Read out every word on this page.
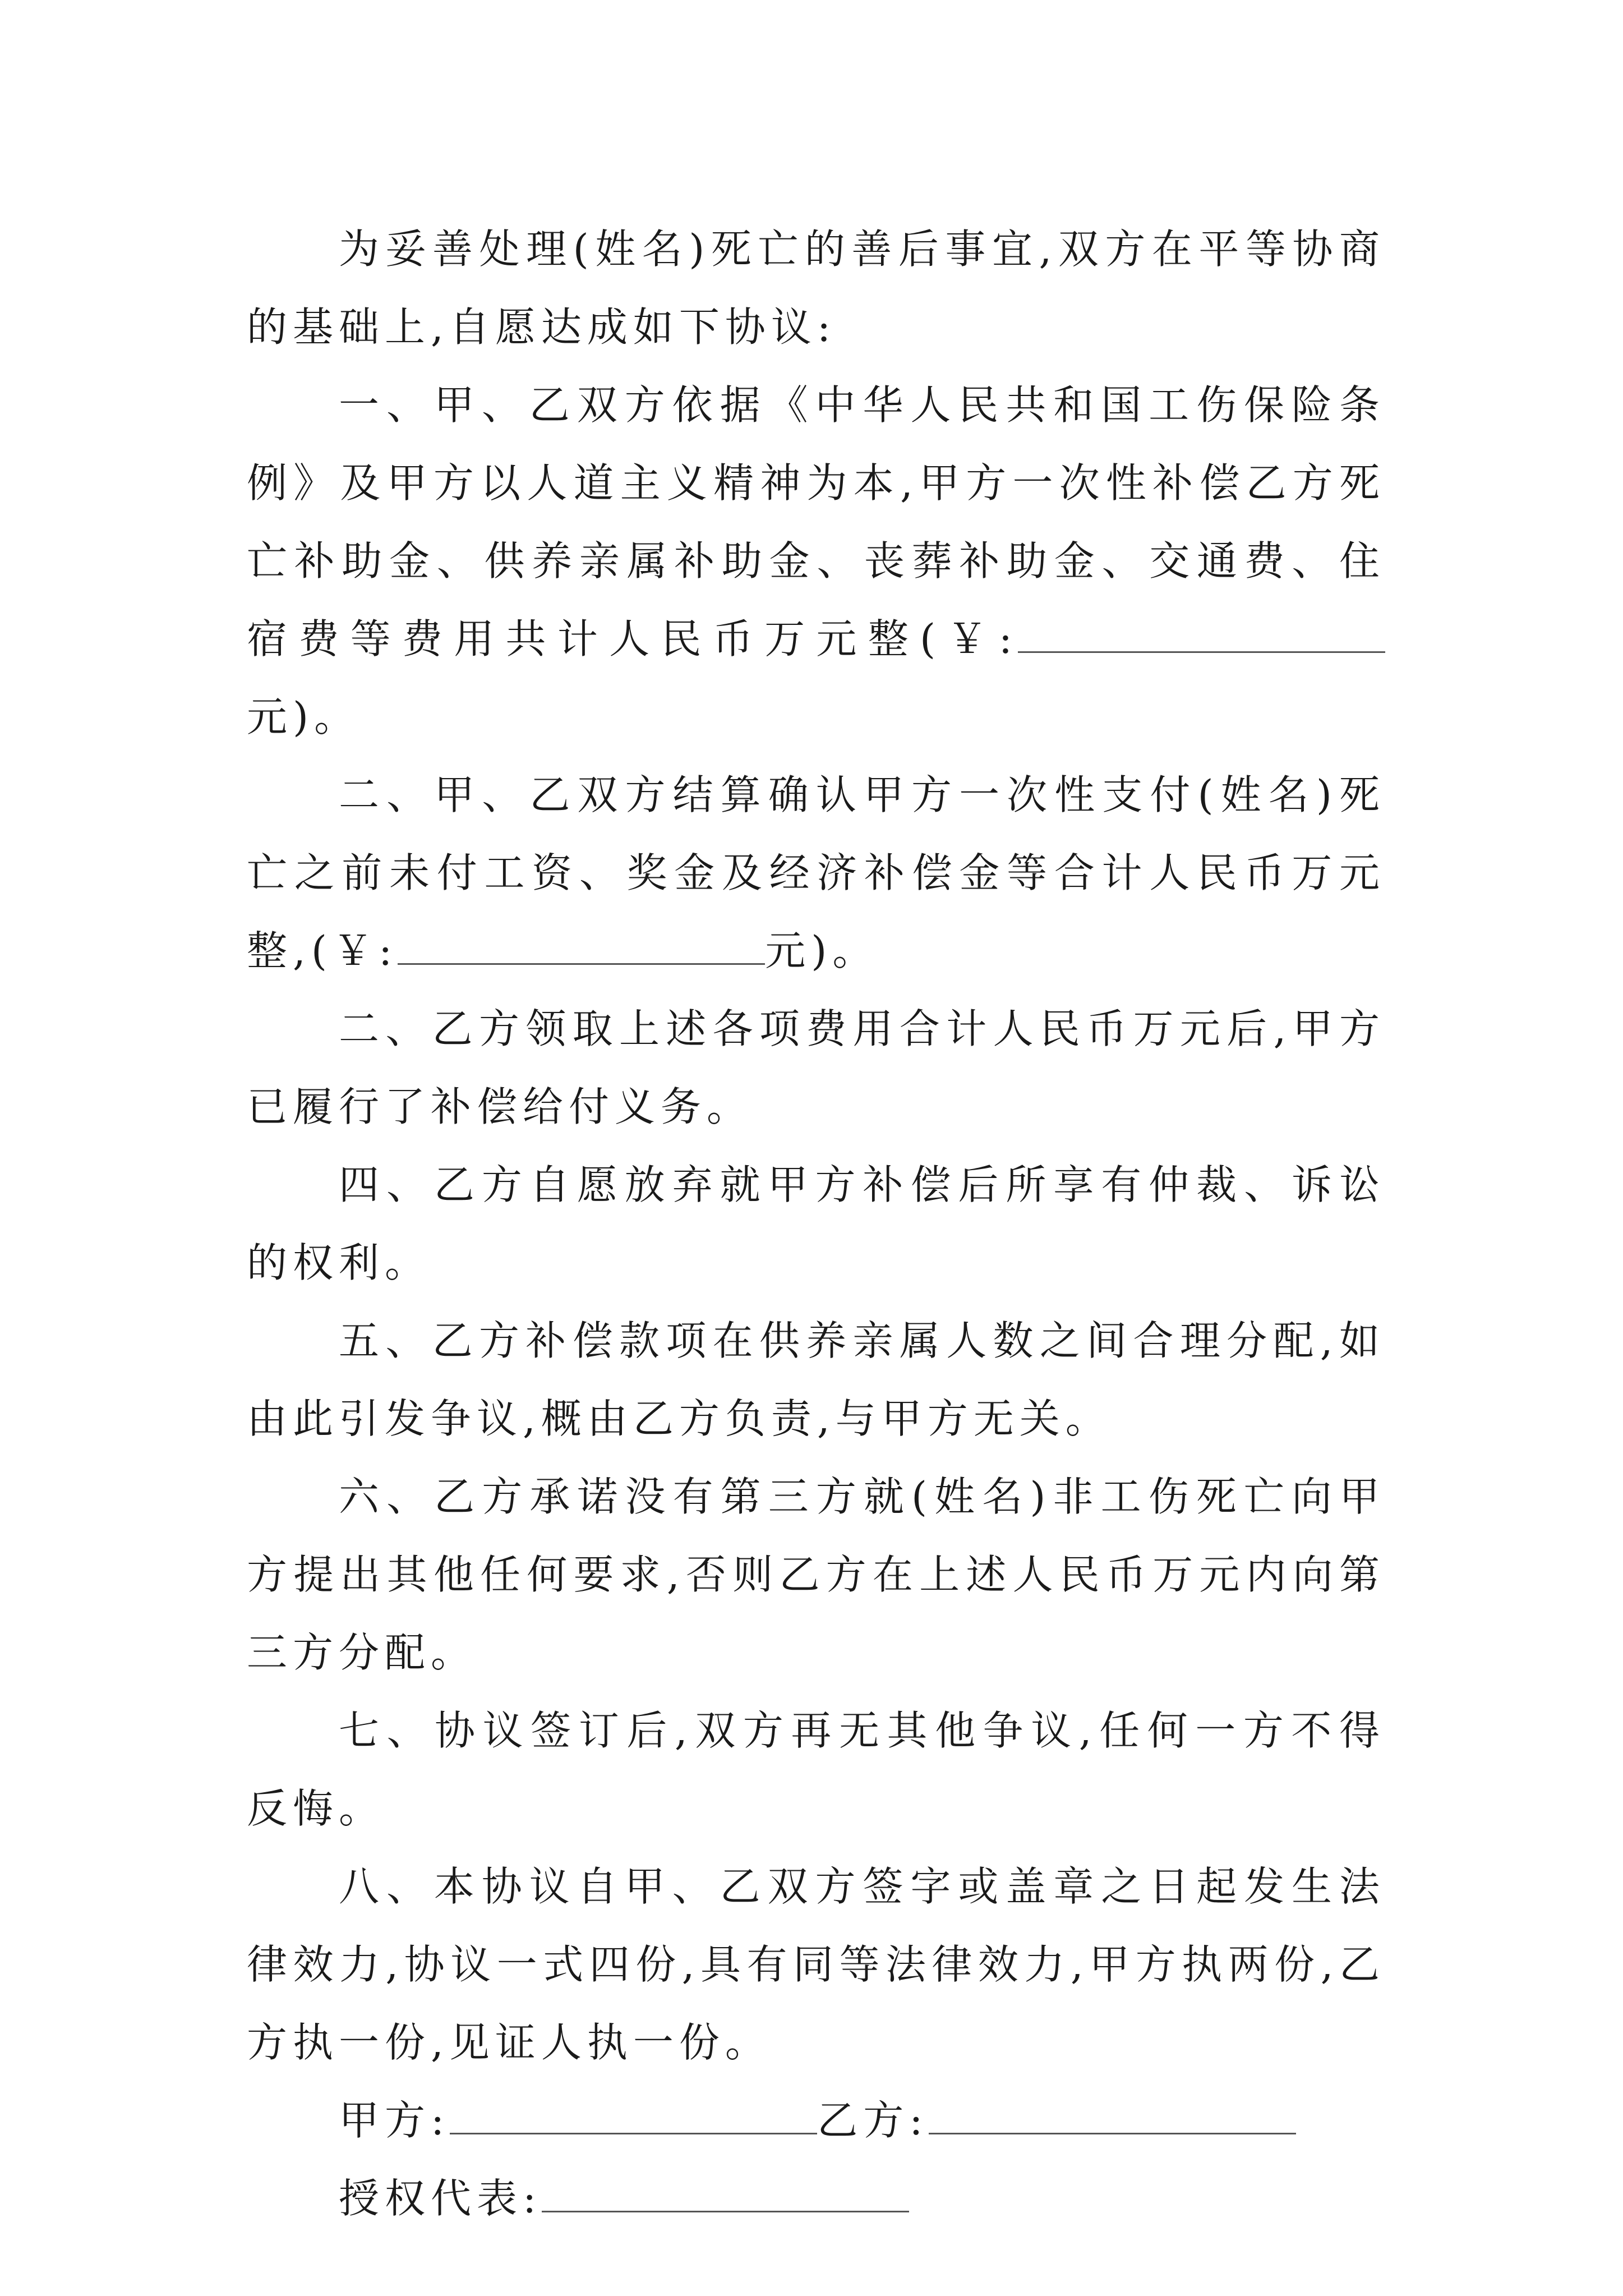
为妥善处理(姓名)死亡的善后事宜,双方在平等协商的基础上,自愿达成如下协议:

一、甲、乙双方依据《中华人民共和国工伤保险条例》及甲方以人道主义精神为本,甲方一次性补偿乙方死亡补助金、供养亲属补助金、丧葬补助金、交通费、住宿费等费用共计人民币万元整(￥:元)。

二、甲、乙双方结算确认甲方一次性支付(姓名)死亡之前未付工资、奖金及经济补偿金等合计人民币万元整,(￥:	元)。

二、乙方领取上述各项费用合计人民币万元后,甲方已履行了补偿给付义务。

四、乙方自愿放弃就甲方补偿后所享有仲裁、诉讼的权利。

五、乙方补偿款项在供养亲属人数之间合理分配,如由此引发争议,概由乙方负责,与甲方无关。

六、乙方承诺没有第三方就(姓名)非工伤死亡向甲方提出其他任何要求,否则乙方在上述人民币万元内向第三方分配。

七、协议签订后,双方再无其他争议,任何一方不得反悔。

八、本协议自甲、乙双方签字或盖章之日起发生法律效力,协议一式四份,具有同等法律效力,甲方执两份,乙方执一份,见证人执一份。

甲方:	乙方:

授权代表:
